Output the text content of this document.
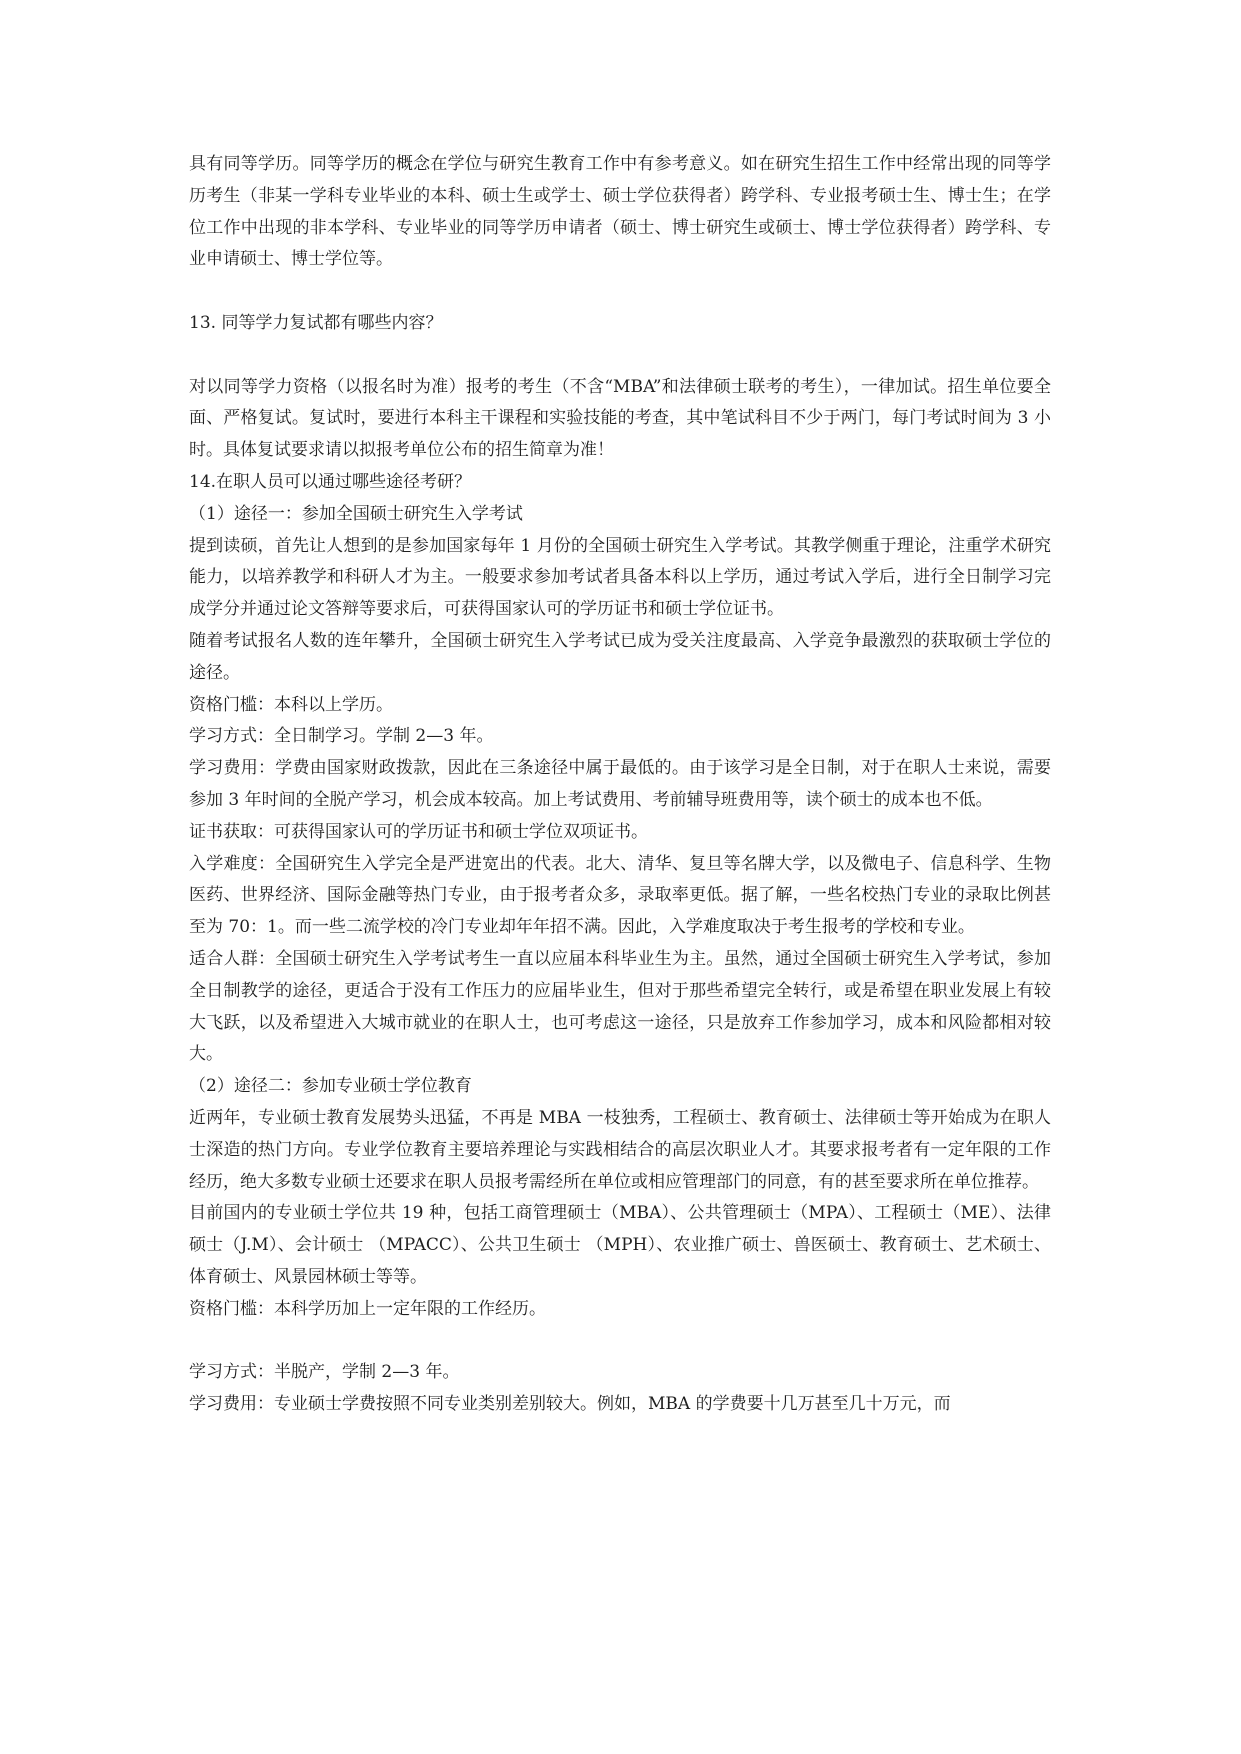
具有同等学历。同等学历的概念在学位与研究生教育工作中有参考意义。如在研究生招生工作中经常出现的同等学历考生（非某一学科专业毕业的本科、硕士生或学士、硕士学位获得者）跨学科、专业报考硕士生、博士生；在学位工作中出现的非本学科、专业毕业的同等学历申请者（硕士、博士研究生或硕士、博士学位获得者）跨学科、专业申请硕士、博士学位等。

13. 同等学力复试都有哪些内容？

对以同等学力资格（以报名时为准）报考的考生（不含“MBA”和法律硕士联考的考生），一律加试。招生单位要全面、严格复试。复试时，要进行本科主干课程和实验技能的考查，其中笔试科目不少于两门，每门考试时间为 3 小时。具体复试要求请以拟报考单位公布的招生简章为准！

14.在职人员可以通过哪些途径考研？

（1）途径一：参加全国硕士研究生入学考试

提到读硕，首先让人想到的是参加国家每年 1 月份的全国硕士研究生入学考试。其教学侧重于理论，注重学术研究能力，以培养教学和科研人才为主。一般要求参加考试者具备本科以上学历，通过考试入学后，进行全日制学习完成学分并通过论文答辩等要求后，可获得国家认可的学历证书和硕士学位证书。

随着考试报名人数的连年攀升，全国硕士研究生入学考试已成为受关注度最高、入学竞争最激烈的获取硕士学位的途径。

资格门槛：本科以上学历。

学习方式：全日制学习。学制 2—3 年。

学习费用：学费由国家财政拨款，因此在三条途径中属于最低的。由于该学习是全日制，对于在职人士来说，需要参加 3 年时间的全脱产学习，机会成本较高。加上考试费用、考前辅导班费用等，读个硕士的成本也不低。

证书获取：可获得国家认可的学历证书和硕士学位双项证书。

入学难度：全国研究生入学完全是严进宽出的代表。北大、清华、复旦等名牌大学，以及微电子、信息科学、生物医药、世界经济、国际金融等热门专业，由于报考者众多，录取率更低。据了解，一些名校热门专业的录取比例甚至为 70：1。而一些二流学校的冷门专业却年年招不满。因此，入学难度取决于考生报考的学校和专业。

适合人群：全国硕士研究生入学考试考生一直以应届本科毕业生为主。虽然，通过全国硕士研究生入学考试，参加全日制教学的途径，更适合于没有工作压力的应届毕业生，但对于那些希望完全转行，或是希望在职业发展上有较大飞跃，以及希望进入大城市就业的在职人士，也可考虑这一途径，只是放弃工作参加学习，成本和风险都相对较大。

（2）途径二：参加专业硕士学位教育

近两年，专业硕士教育发展势头迅猛，不再是 MBA 一枝独秀，工程硕士、教育硕士、法律硕士等开始成为在职人士深造的热门方向。专业学位教育主要培养理论与实践相结合的高层次职业人才。其要求报考者有一定年限的工作经历，绝大多数专业硕士还要求在职人员报考需经所在单位或相应管理部门的同意，有的甚至要求所在单位推荐。

目前国内的专业硕士学位共 19 种，包括工商管理硕士（MBA）、公共管理硕士（MPA）、工程硕士（ME）、法律硕士（J.M）、会计硕士 （MPACC）、公共卫生硕士 （MPH）、农业推广硕士、兽医硕士、教育硕士、艺术硕士、体育硕士、风景园林硕士等等。

资格门槛：本科学历加上一定年限的工作经历。

学习方式：半脱产，学制 2—3 年。

学习费用：专业硕士学费按照不同专业类别差别较大。例如，MBA 的学费要十几万甚至几十万元，而
